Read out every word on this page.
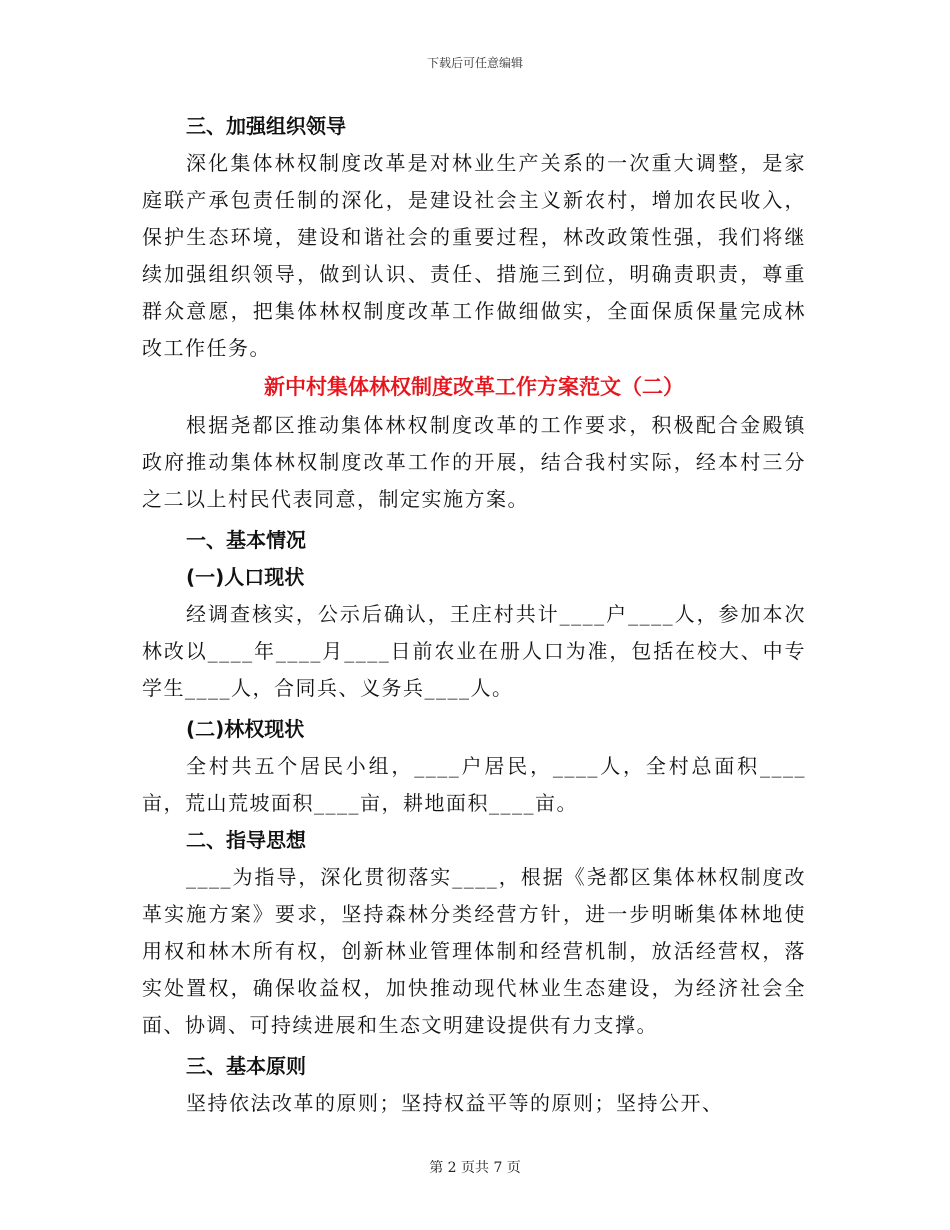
下载后可任意编辑

三、加强组织领导

深化集体林权制度改革是对林业生产关系的一次重大调整，是家庭联产承包责任制的深化，是建设社会主义新农村，增加农民收入，保护生态环境，建设和谐社会的重要过程，林改政策性强，我们将继续加强组织领导，做到认识、责任、措施三到位，明确责职责，尊重群众意愿，把集体林权制度改革工作做细做实，全面保质保量完成林改工作任务。

新中村集体林权制度改革工作方案范文（二）

根据尧都区推动集体林权制度改革的工作要求，积极配合金殿镇政府推动集体林权制度改革工作的开展，结合我村实际，经本村三分之二以上村民代表同意，制定实施方案。

一、基本情况

(一)人口现状

经调查核实，公示后确认，王庄村共计____户____人，参加本次林改以____年____月____日前农业在册人口为准，包括在校大、中专学生____人，合同兵、义务兵____人。

(二)林权现状

全村共五个居民小组，____户居民，____人，全村总面积____亩，荒山荒坡面积____亩，耕地面积____亩。

二、指导思想

____为指导，深化贯彻落实____，根据《尧都区集体林权制度改革实施方案》要求，坚持森林分类经营方针，进一步明晰集体林地使用权和林木所有权，创新林业管理体制和经营机制，放活经营权，落实处置权，确保收益权，加快推动现代林业生态建设，为经济社会全面、协调、可持续进展和生态文明建设提供有力支撑。

三、基本原则

坚持依法改革的原则；坚持权益平等的原则；坚持公开、

第 2 页共 7 页
